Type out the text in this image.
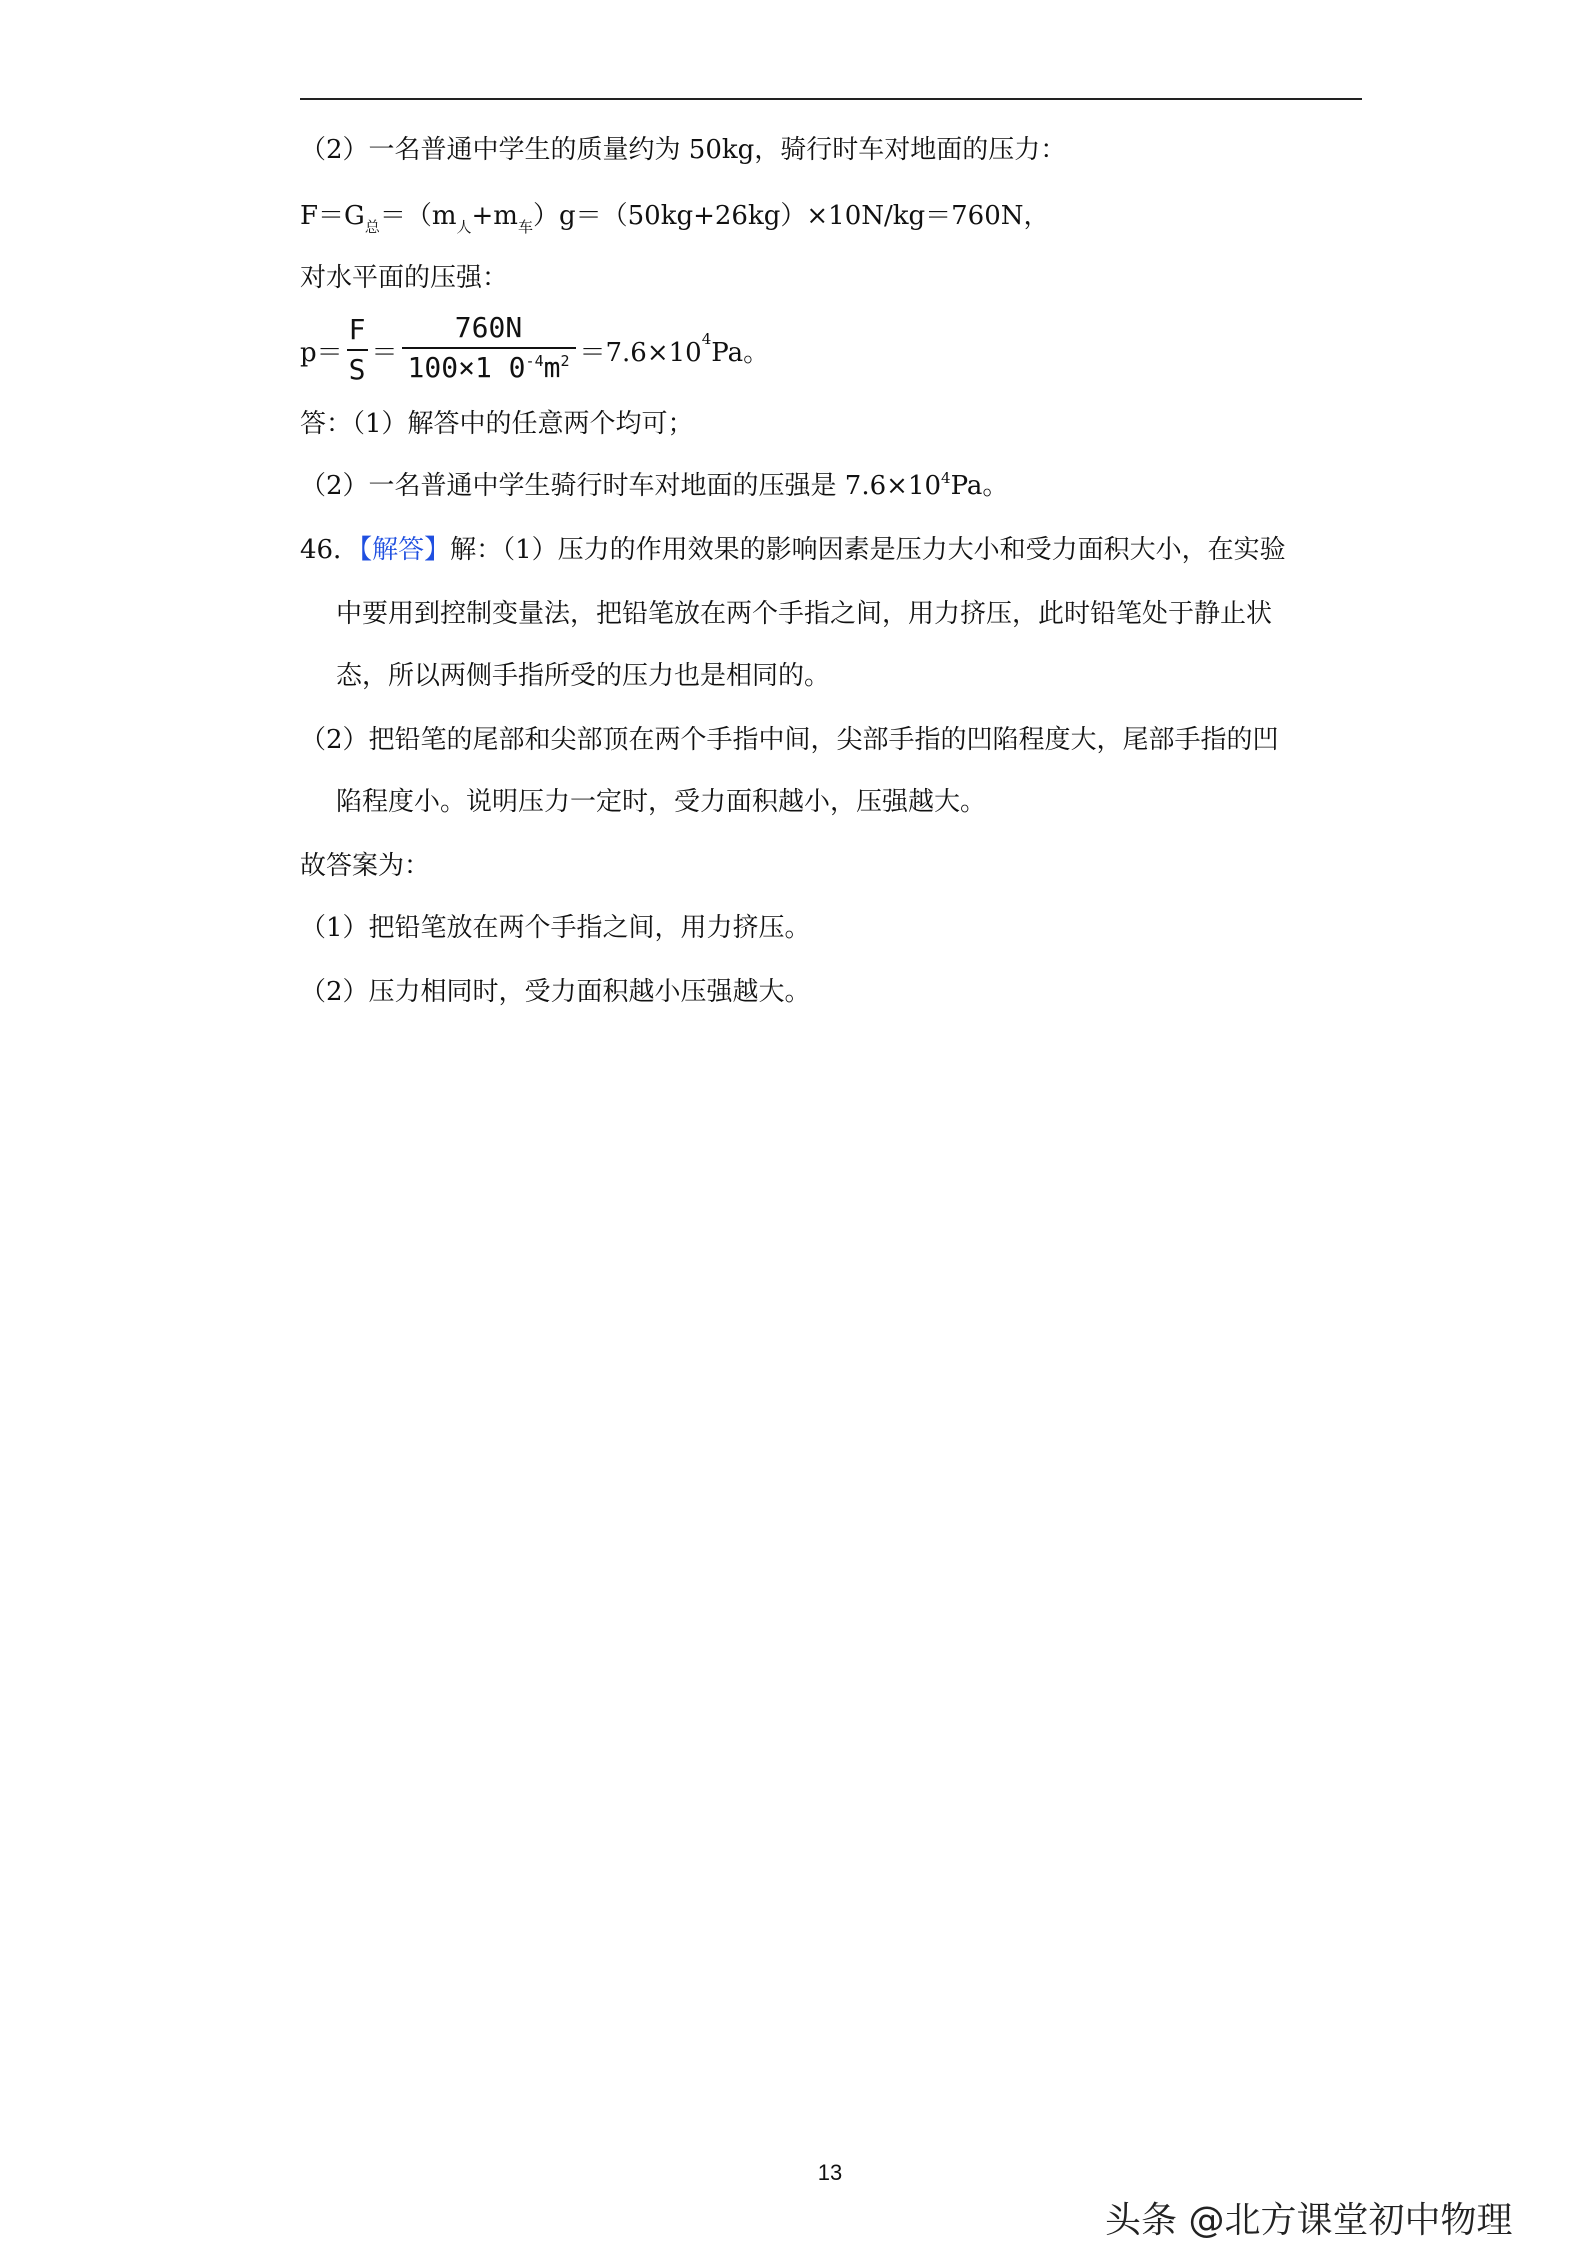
（2）一名普通中学生的质量约为 50kg，骑行时车对地面的压力：
$F=G_总=(m_人+m_车)g=(50kg+26kg)\times 10N/kg=760N$，
对水平面的压强：
$p= \frac{F}{S} = \frac{760N}{100\times 1 0^{-4}m^2} =7.6\times 10$ 4 Pa。
答：（1）解答中的任意两个均可；
（2）一名普通中学生骑行时车对地面的压强是 $7.6\times 10^4Pa$。
46．【解答】解：（1）压力的作用效果的影响因素是压力大小和受力面积大小，在实验
中要用到控制变量法，把铅笔放在两个手指之间，用力挤压，此时铅笔处于静止状
态，所以两侧手指所受的压力也是相同的。
（2）把铅笔的尾部和尖部顶在两个手指中间，尖部手指的凹陷程度大，尾部手指的凹
陷程度小。说明压力一定时，受力面积越小，压强越大。
故答案为：
（1）把铅笔放在两个手指之间，用力挤压。
（2）压力相同时，受力面积越小压强越大。
13
头条 @北方课堂初中物理
